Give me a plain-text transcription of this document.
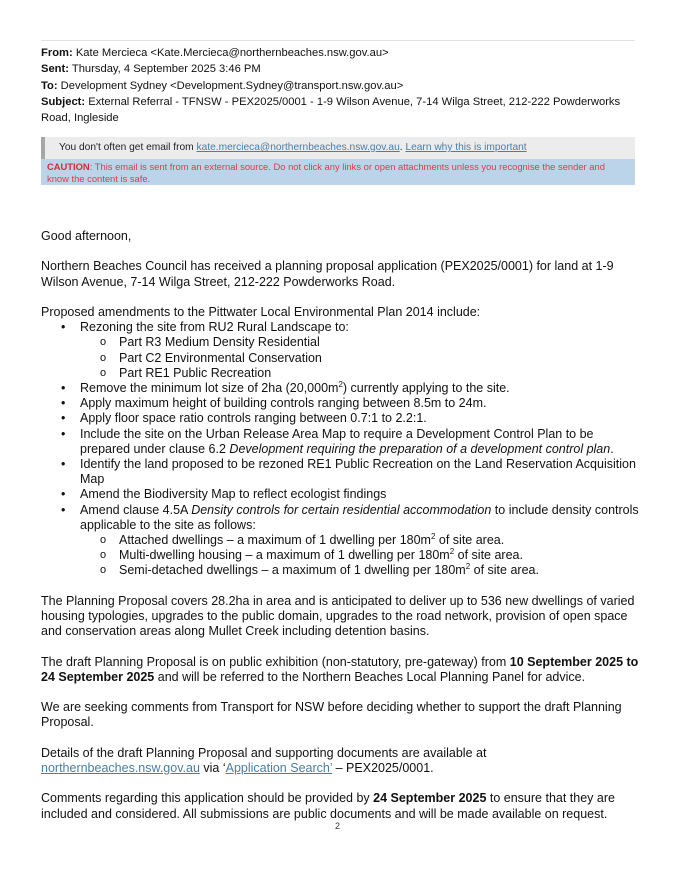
From: Kate Mercieca <Kate.Mercieca@northernbeaches.nsw.gov.au>
Sent: Thursday, 4 September 2025 3:46 PM
To: Development Sydney <Development.Sydney@transport.nsw.gov.au>
Subject: External Referral - TFNSW - PEX2025/0001 - 1-9 Wilson Avenue, 7-14 Wilga Street, 212-222 Powderworks Road, Ingleside
You don't often get email from kate.mercieca@northernbeaches.nsw.gov.au. Learn why this is important
CAUTION: This email is sent from an external source. Do not click any links or open attachments unless you recognise the sender and know the content is safe.

Good afternoon,

Northern Beaches Council has received a planning proposal application (PEX2025/0001) for land at 1-9 Wilson Avenue, 7-14 Wilga Street, 212-222 Powderworks Road.

Proposed amendments to the Pittwater Local Environmental Plan 2014 include:
• Rezoning the site from RU2 Rural Landscape to:
o Part R3 Medium Density Residential
o Part C2 Environmental Conservation
o Part RE1 Public Recreation
• Remove the minimum lot size of 2ha $(20,000m^2)$ currently applying to the site.
• Apply maximum height of building controls ranging between 8.5m to 24m.
• Apply floor space ratio controls ranging between 0.7:1 to 2.2:1.
• Include the site on the Urban Release Area Map to require a Development Control Plan to be prepared under clause 6.2 Development requiring the preparation of a development control plan.
• Identify the land proposed to be rezoned RE1 Public Recreation on the Land Reservation Acquisition Map
• Amend the Biodiversity Map to reflect ecologist findings
• Amend clause 4.5A Density controls for certain residential accommodation to include density controls applicable to the site as follows:
o Attached dwellings – a maximum of 1 dwelling per $180m^2$ of site area.
o Multi-dwelling housing – a maximum of 1 dwelling per $180m^2$ of site area.
o Semi-detached dwellings – a maximum of 1 dwelling per $180m^2$ of site area.

The Planning Proposal covers 28.2ha in area and is anticipated to deliver up to 536 new dwellings of varied housing typologies, upgrades to the public domain, upgrades to the road network, provision of open space and conservation areas along Mullet Creek including detention basins.

The draft Planning Proposal is on public exhibition (non-statutory, pre-gateway) from 10 September 2025 to 24 September 2025 and will be referred to the Northern Beaches Local Planning Panel for advice.

We are seeking comments from Transport for NSW before deciding whether to support the draft Planning Proposal.

Details of the draft Planning Proposal and supporting documents are available at northernbeaches.nsw.gov.au via ‘Application Search’ – PEX2025/0001.

Comments regarding this application should be provided by 24 September 2025 to ensure that they are included and considered. All submissions are public documents and will be made available on request.

2
